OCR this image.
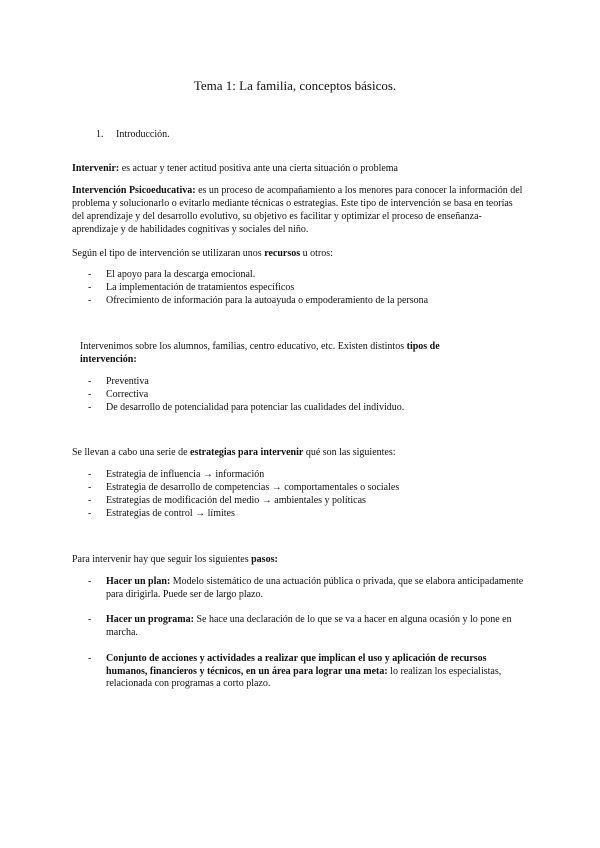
Tema 1: La familia, conceptos básicos.
1. Introducción.
Intervenir: es actuar y tener actitud positiva ante una cierta situación o problema
Intervención Psicoeducativa: es un proceso de acompañamiento a los menores para conocer la información del problema y solucionarlo o evitarlo mediante técnicas o estrategias. Este tipo de intervención se basa en teorías del aprendizaje y del desarrollo evolutivo, su objetivo es facilitar y optimizar el proceso de enseñanza-aprendizaje y de habilidades cognitivas y sociales del niño.
Según el tipo de intervención se utilizaran unos recursos u otros:
- El apoyo para la descarga emocional.
- La implementación de tratamientos específicos
- Ofrecimiento de información para la autoayuda o empoderamiento de la persona
Intervenimos sobre los alumnos, familias, centro educativo, etc. Existen distintos tipos de intervención:
- Preventiva
- Correctiva
- De desarrollo de potencialidad para potenciar las cualidades del individuo.
Se llevan a cabo una serie de estrategias para intervenir qué son las siguientes:
- Estrategia de influencia → información
- Estrategia de desarrollo de competencias → comportamentales o sociales
- Estrategias de modificación del medio → ambientales y políticas
- Estrategias de control → límites
Para intervenir hay que seguir los siguientes pasos:
- Hacer un plan: Modelo sistemático de una actuación pública o privada, que se elabora anticipadamente para dirigirla. Puede ser de largo plazo.
- Hacer un programa: Se hace una declaración de lo que se va a hacer en alguna ocasión y lo pone en marcha.
- Conjunto de acciones y actividades a realizar que implican el uso y aplicación de recursos humanos, financieros y técnicos, en un área para lograr una meta: lo realizan los especialistas, relacionada con programas a corto plazo.
